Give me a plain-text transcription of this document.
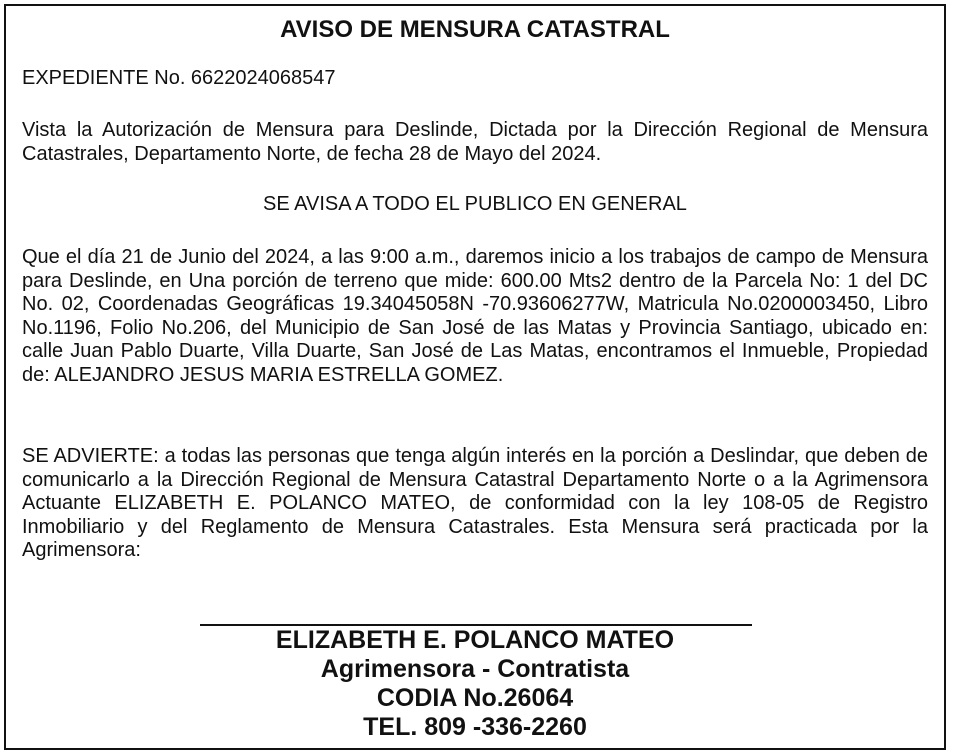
AVISO DE MENSURA CATASTRAL

EXPEDIENTE No. 6622024068547

Vista la Autorización de Mensura para Deslinde, Dictada por la Dirección Regional de Mensura Catastrales, Departamento Norte, de fecha 28 de Mayo del 2024.

SE AVISA A TODO EL PUBLICO EN GENERAL

Que el día 21 de Junio del 2024, a las 9:00 a.m., daremos inicio a los trabajos de campo de Mensura para Deslinde, en Una porción de terreno que mide: 600.00 Mts2 dentro de la Parcela No: 1 del DC No. 02, Coordenadas Geográficas 19.34045058N -70.93606277W, Matricula No.0200003450, Libro No.1196, Folio No.206, del Municipio de San José de las Matas y Provincia Santiago, ubicado en: calle Juan Pablo Duarte, Villa Duarte, San José de Las Matas, encontramos el Inmueble, Propiedad de: ALEJANDRO JESUS MARIA ESTRELLA GOMEZ.

SE ADVIERTE: a todas las personas que tenga algún interés en la porción a Deslindar, que deben de comunicarlo a la Dirección Regional de Mensura Catastral Departamento Norte o a la Agrimensora Actuante ELIZABETH E. POLANCO MATEO, de conformidad con la ley 108-05 de Registro Inmobiliario y del Reglamento de Mensura Catastrales. Esta Mensura será practicada por la Agrimensora:

ELIZABETH E. POLANCO MATEO
Agrimensora - Contratista
CODIA No.26064
TEL. 809 -336-2260
